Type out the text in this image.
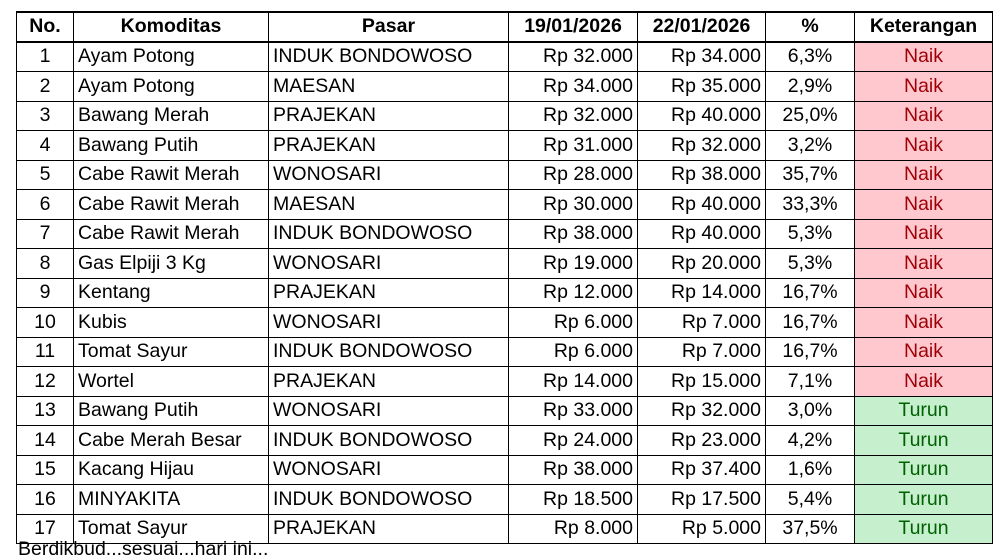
No.	Komoditas	Pasar	19/01/2026	22/01/2026	%	Keterangan
1	Ayam Potong	INDUK BONDOWOSO	Rp 32.000	Rp 34.000	6,3%	Naik
2	Ayam Potong	MAESAN	Rp 34.000	Rp 35.000	2,9%	Naik
3	Bawang Merah	PRAJEKAN	Rp 32.000	Rp 40.000	25,0%	Naik
4	Bawang Putih	PRAJEKAN	Rp 31.000	Rp 32.000	3,2%	Naik
5	Cabe Rawit Merah	WONOSARI	Rp 28.000	Rp 38.000	35,7%	Naik
6	Cabe Rawit Merah	MAESAN	Rp 30.000	Rp 40.000	33,3%	Naik
7	Cabe Rawit Merah	INDUK BONDOWOSO	Rp 38.000	Rp 40.000	5,3%	Naik
8	Gas Elpiji 3 Kg	WONOSARI	Rp 19.000	Rp 20.000	5,3%	Naik
9	Kentang	PRAJEKAN	Rp 12.000	Rp 14.000	16,7%	Naik
10	Kubis	WONOSARI	Rp 6.000	Rp 7.000	16,7%	Naik
11	Tomat Sayur	INDUK BONDOWOSO	Rp 6.000	Rp 7.000	16,7%	Naik
12	Wortel	PRAJEKAN	Rp 14.000	Rp 15.000	7,1%	Naik
13	Bawang Putih	WONOSARI	Rp 33.000	Rp 32.000	3,0%	Turun
14	Cabe Merah Besar	INDUK BONDOWOSO	Rp 24.000	Rp 23.000	4,2%	Turun
15	Kacang Hijau	WONOSARI	Rp 38.000	Rp 37.400	1,6%	Turun
16	MINYAKITA	INDUK BONDOWOSO	Rp 18.500	Rp 17.500	5,4%	Turun
17	Tomat Sayur	PRAJEKAN	Rp 8.000	Rp 5.000	37,5%	Turun
Berdikbud...sesuai...hari ini...
